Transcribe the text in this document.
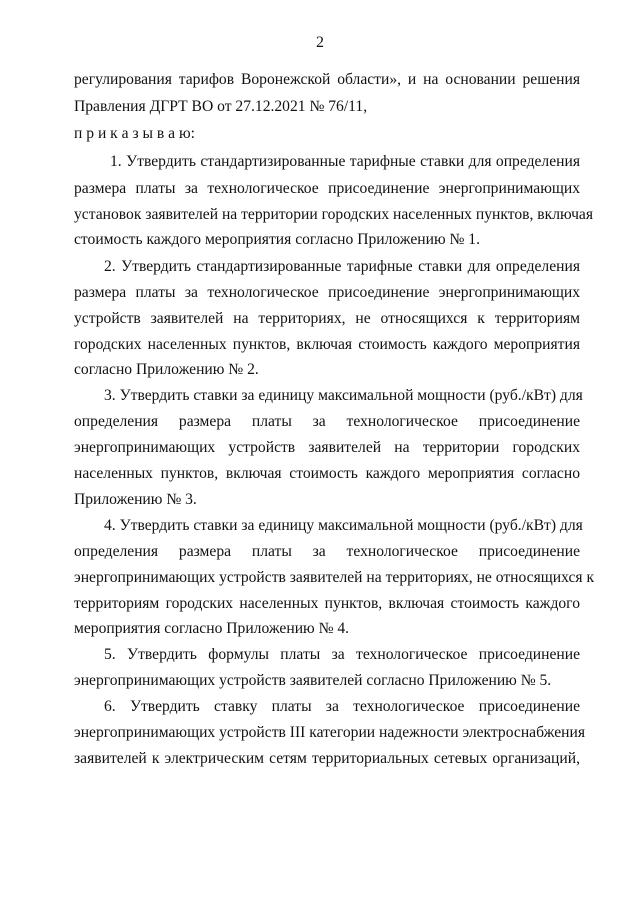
2
регулирования тарифов Воронежской области», и на основании решения
Правления ДГРТ ВО от 27.12.2021 № 76/11,
п р и к а з ы в а ю:
1. Утвердить стандартизированные тарифные ставки для определения
размера платы за технологическое присоединение энергопринимающих
установок заявителей на территории городских населенных пунктов, включая
стоимость каждого мероприятия согласно Приложению № 1.
2. Утвердить стандартизированные тарифные ставки для определения
размера платы за технологическое присоединение энергопринимающих
устройств заявителей на территориях, не относящихся к территориям
городских населенных пунктов, включая стоимость каждого мероприятия
согласно Приложению № 2.
3. Утвердить ставки за единицу максимальной мощности (руб./кВт) для
определения размера платы за технологическое присоединение
энергопринимающих устройств заявителей на территории городских
населенных пунктов, включая стоимость каждого мероприятия согласно
Приложению № 3.
4. Утвердить ставки за единицу максимальной мощности (руб./кВт) для
определения размера платы за технологическое присоединение
энергопринимающих устройств заявителей на территориях, не относящихся к
территориям городских населенных пунктов, включая стоимость каждого
мероприятия согласно Приложению № 4.
5. Утвердить формулы платы за технологическое присоединение
энергопринимающих устройств заявителей согласно Приложению № 5.
6. Утвердить ставку платы за технологическое присоединение
энергопринимающих устройств III категории надежности электроснабжения
заявителей к электрическим сетям территориальных сетевых организаций,
